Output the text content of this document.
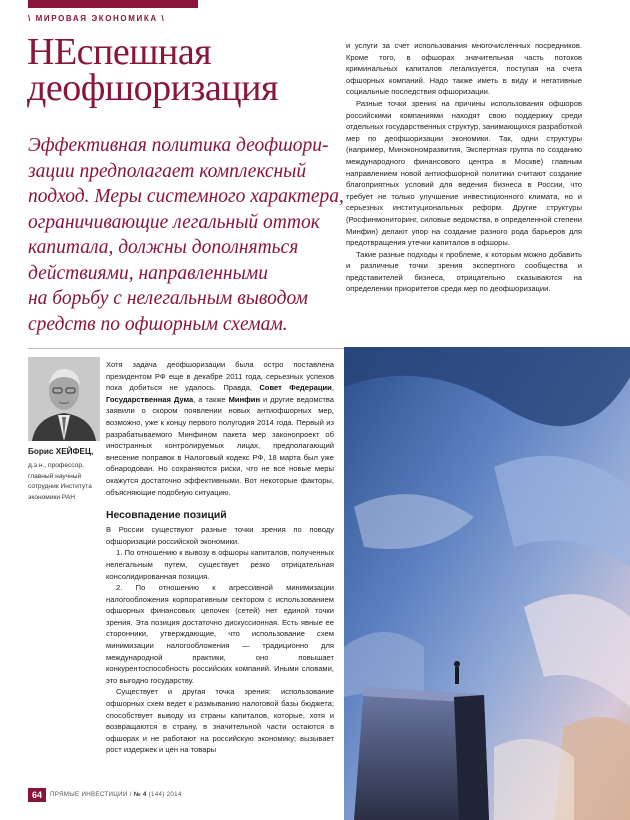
\ МИРОВАЯ ЭКОНОМИКА \
НЕспешная
деофшоризация
Эффективная политика деофшори-
зации предполагает комплексный
подход. Меры системного характера,
ограничивающие легальный отток
капитала, должны дополняться
действиями, направленными
на борьбу с нелегальным выводом
средств по офшорным схемам.

и услуги за счет использования многочисленных посредников. Кроме того, в офшорах значительная часть потоков криминальных капиталов легализуется, поступая на счета офшорных компаний. Надо также иметь в виду и негативные социальные последствия офшоризации.

Разные точки зрения на причины использования офшоров российскими компаниями находят свою поддержку среди отдельных государственных структур, занимающихся разработкой мер по деофшоризации экономики. Так, одни структуры (например, Минэкономразвития, Экспертная группа по созданию международного финансового центра в Москве) главным направлением новой антиофшорной политики считают создание благоприятных условий для ведения бизнеса в России, что требует не только улучшение инвестиционного климата, но и серьезных институциональных реформ. Другие структуры (Росфинмониторинг, силовые ведомства, в определенной степени Минфин) делают упор на создание разного рода барьеров для предотвращения утечки капиталов в офшоры.

Такие разные подходы к проблеме, к которым можно добавить и различные точки зрения экспертного сообщества и представителей бизнеса, отрицательно сказываются на определении приоритетов среди мер по деофшоризации.

Борис ХЕЙФЕЦ,
д.э.н., профессор,
главный научный
сотрудник Института
экономики РАН

Хотя задача деофшоризации была остро поставлена президентом РФ еще в декабре 2011 года, серьезных успехов пока добиться не удалось. Правда, Совет Федерации, Государственная Дума, а также Минфин и другие ведомства заявили о скором появлении новых антиофшорных мер, возможно, уже к концу первого полугодия 2014 года. Первый из разрабатываемого Минфином пакета мер законопроект об иностранных контролируемых лицах, предполагающий внесение поправок в Налоговый кодекс РФ, 18 марта был уже обнародован. Но сохраняются риски, что не все новые меры окажутся достаточно эффективными. Вот некоторые факторы, объясняющие подобную ситуацию.

Несовпадение позиций

В России существуют разные точки зрения по поводу офшоризации российской экономики.

1. По отношению к вывозу в офшоры капиталов, полученных нелегальным путем, существует резко отрицательная консолидированная позиция.

2. По отношению к агрессивной минимизации налогообложения корпоративным сектором с использованием офшорных финансовых цепочек (сетей) нет единой точки зрения. Эта позиция достаточно дискуссионная. Есть явные ее сторонники, утверждающие, что использование схем минимизации налогообложения — традиционно для международной практики, оно повышает конкурентоспособность российских компаний. Иными словами, это выгодно государству.

Существует и другая точка зрения: использование офшорных схем ведет к размыванию налоговой базы бюджета; способствует выводу из страны капиталов, которые, хотя и возвращаются в страну, в значительной части остаются в офшорах и не работают на российскую экономику; вызывает рост издержек и цен на товары

64	ПРЯМЫЕ ИНВЕСТИЦИИ / № 4 (144) 2014
